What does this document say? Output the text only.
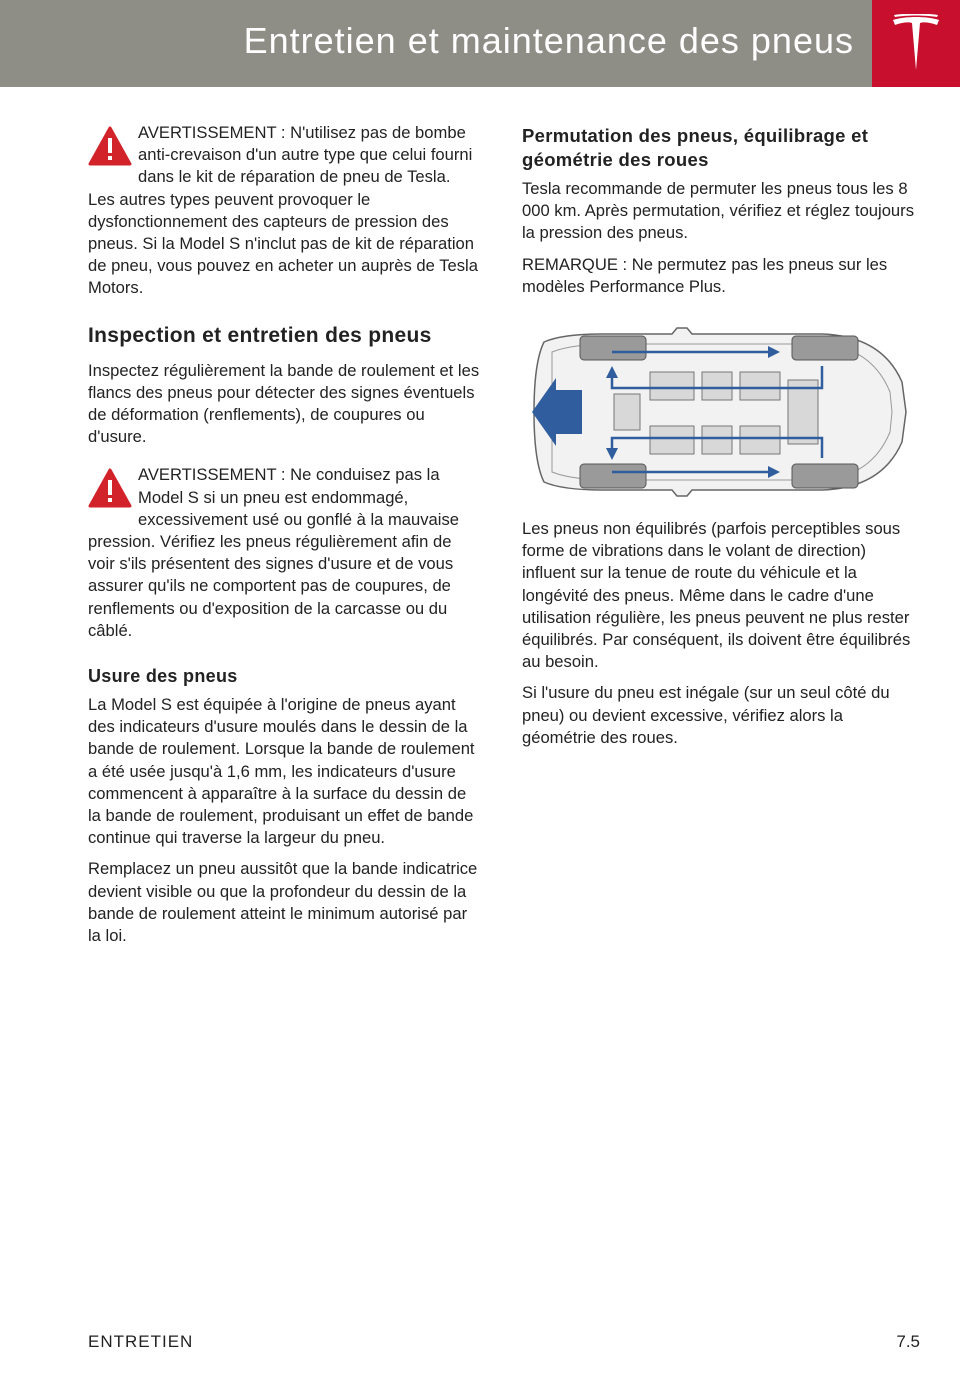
Entretien et maintenance des pneus

AVERTISSEMENT : N'utilisez pas de bombe anti-crevaison d'un autre type que celui fourni dans le kit de réparation de pneu de Tesla. Les autres types peuvent provoquer le dysfonctionnement des capteurs de pression des pneus. Si la Model S n'inclut pas de kit de réparation de pneu, vous pouvez en acheter un auprès de Tesla Motors.

Inspection et entretien des pneus

Inspectez régulièrement la bande de roulement et les flancs des pneus pour détecter des signes éventuels de déformation (renflements), de coupures ou d'usure.

AVERTISSEMENT : Ne conduisez pas la Model S si un pneu est endommagé, excessivement usé ou gonflé à la mauvaise pression. Vérifiez les pneus régulièrement afin de voir s'ils présentent des signes d'usure et de vous assurer qu'ils ne comportent pas de coupures, de renflements ou d'exposition de la carcasse ou du câblé.

Usure des pneus

La Model S est équipée à l'origine de pneus ayant des indicateurs d'usure moulés dans le dessin de la bande de roulement. Lorsque la bande de roulement a été usée jusqu'à 1,6 mm, les indicateurs d'usure commencent à apparaître à la surface du dessin de la bande de roulement, produisant un effet de bande continue qui traverse la largeur du pneu.

Remplacez un pneu aussitôt que la bande indicatrice devient visible ou que la profondeur du dessin de la bande de roulement atteint le minimum autorisé par la loi.

Permutation des pneus, équilibrage et géométrie des roues

Tesla recommande de permuter les pneus tous les 8 000 km. Après permutation, vérifiez et réglez toujours la pression des pneus.

REMARQUE : Ne permutez pas les pneus sur les modèles Performance Plus.

Les pneus non équilibrés (parfois perceptibles sous forme de vibrations dans le volant de direction) influent sur la tenue de route du véhicule et la longévité des pneus. Même dans le cadre d'une utilisation régulière, les pneus peuvent ne plus rester équilibrés. Par conséquent, ils doivent être équilibrés au besoin.

Si l'usure du pneu est inégale (sur un seul côté du pneu) ou devient excessive, vérifiez alors la géométrie des roues.

ENTRETIEN	7.5
